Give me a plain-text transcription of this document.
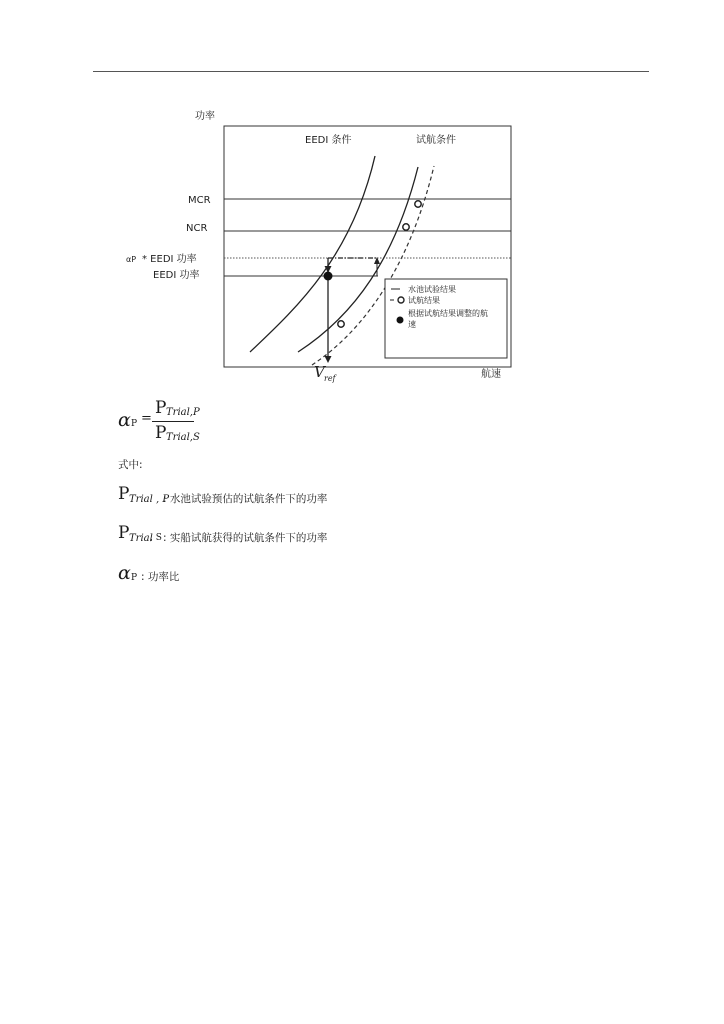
功率
航速
EEDI 条件	试航条件
MCR
NCR
αP * EEDI 功率
EEDI 功率
V ref
水池试验结果
试航结果
根据试航结果调整的航
速
α P =
P Trial,P
P Trial,S
式中:
P Trial , P
: 水池试验预估的试航条件下的功率
P Trial
, S : 实船试航获得的试航条件下的功率
α P : 功率比
